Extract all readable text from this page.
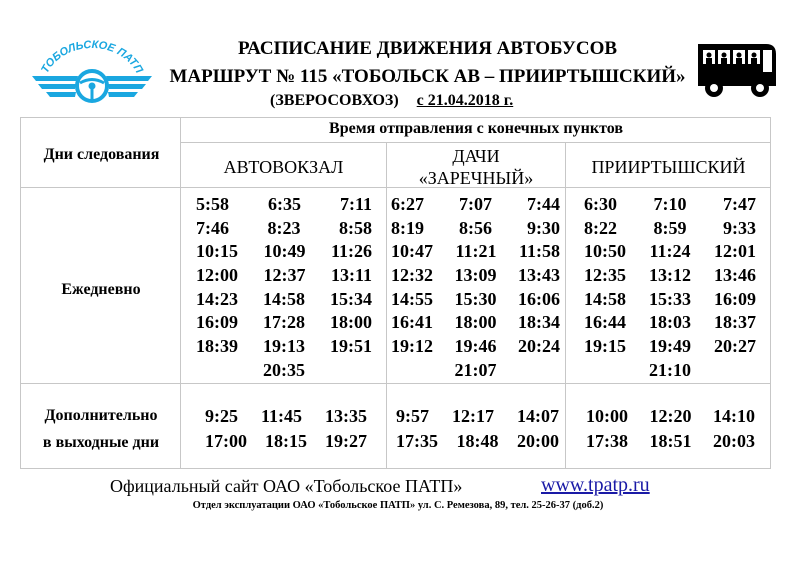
ТОБОЛЬСКОЕ ПАТП
РАСПИСАНИЕ ДВИЖЕНИЯ АВТОБУСОВ
МАРШРУТ № 115 «ТОБОЛЬСК АВ – ПРИИРТЫШСКИЙ»
(ЗВЕРОСОВХОЗ) с 21.04.2018 г.
Дни следования
Время отправления с конечных пунктов
АВТОВОКЗАЛ
ДАЧИ
«ЗАРЕЧНЫЙ»
ПРИИРТЫШСКИЙ
Ежедневно
Дополнительно
в выходные дни
5:58 6:35 7:11
7:46 8:23 8:58
10:15 10:49 11:26
12:00 12:37 13:11
14:23 14:58 15:34
16:09 17:28 18:00
18:39 19:13 19:51
20:35
6:27 7:07 7:44
8:19 8:56 9:30
10:47 11:21 11:58
12:32 13:09 13:43
14:55 15:30 16:06
16:41 18:00 18:34
19:12 19:46 20:24
21:07
6:30 7:10 7:47
8:22 8:59 9:33
10:50 11:24 12:01
12:35 13:12 13:46
14:58 15:33 16:09
16:44 18:03 18:37
19:15 19:49 20:27
21:10
9:25 11:45 13:35
17:00 18:15 19:27
9:57 12:17 14:07
17:35 18:48 20:00
10:00 12:20 14:10
17:38 18:51 20:03
Официальный сайт ОАО «Тобольское ПАТП»	www.tpatp.ru
Отдел эксплуатации ОАО «Тобольское ПАТП» ул. С. Ремезова, 89, тел. 25-26-37 (доб.2)
